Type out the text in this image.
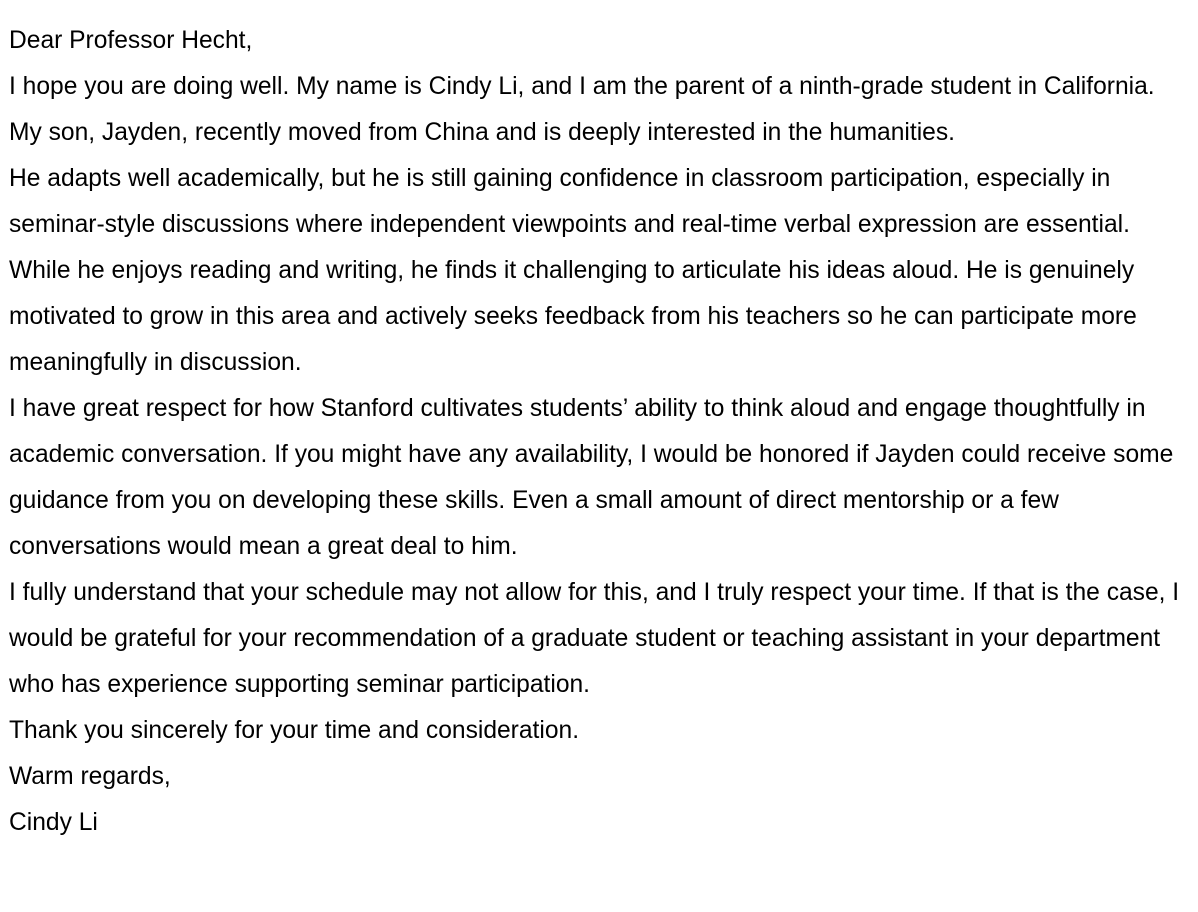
Dear Professor Hecht,

I hope you are doing well. My name is Cindy Li, and I am the parent of a ninth-grade student in California. My son, Jayden, recently moved from China and is deeply interested in the humanities.

He adapts well academically, but he is still gaining confidence in classroom participation, especially in seminar-style discussions where independent viewpoints and real-time verbal expression are essential. While he enjoys reading and writing, he finds it challenging to articulate his ideas aloud. He is genuinely motivated to grow in this area and actively seeks feedback from his teachers so he can participate more meaningfully in discussion.

I have great respect for how Stanford cultivates students’ ability to think aloud and engage thoughtfully in academic conversation. If you might have any availability, I would be honored if Jayden could receive some guidance from you on developing these skills. Even a small amount of direct mentorship or a few conversations would mean a great deal to him.

I fully understand that your schedule may not allow for this, and I truly respect your time. If that is the case, I would be grateful for your recommendation of a graduate student or teaching assistant in your department who has experience supporting seminar participation.

Thank you sincerely for your time and consideration.

Warm regards,

Cindy Li
